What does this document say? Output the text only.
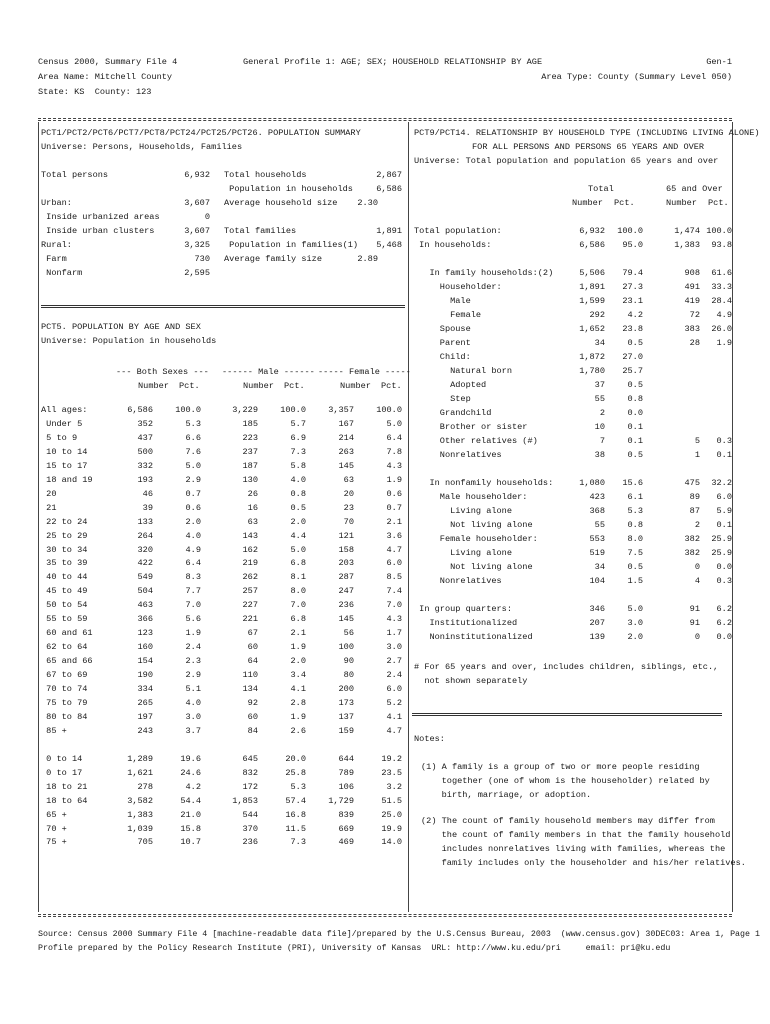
Census 2000, Summary File 4
Area Name: Mitchell County
State: KS  County: 123
General Profile 1: AGE; SEX; HOUSEHOLD RELATIONSHIP BY AGE	Gen-1
Area Type: County (Summary Level 050)
PCT1/PCT2/PCT6/PCT7/PCT8/PCT24/PCT25/PCT26. POPULATION SUMMARY
Universe: Persons, Households, Families
Total persons	6,932
Urban:	3,607
Inside urbanized areas	0
Inside urban clusters	3,607
Rural:	3,325
Farm	730
Nonfarm	2,595
Total households	2,867
Population in households	6,586
Average household size 2.30
Total families	1,891
Population in families(1) 5,468
Average family size	2.89
PCT5. POPULATION BY AGE AND SEX
Universe: Population in households
--- Both Sexes --- ------ Male ------ ----- Female -----
Number Pct.	Number Pct.	Number Pct.
All ages:	6,586	100.0	3,229	100.0	3,357	100.0
Under 5	352	5.3	185	5.7	167	5.0
5 to 9	437	6.6	223	6.9	214	6.4
10 to 14	500	7.6	237	7.3	263	7.8
15 to 17	332	5.0	187	5.8	145	4.3
18 and 19	193	2.9	130	4.0	63	1.9
20	46	0.7	26	0.8	20	0.6
21	39	0.6	16	0.5	23	0.7
22 to 24	133	2.0	63	2.0	70	2.1
25 to 29	264	4.0	143	4.4	121	3.6
30 to 34	320	4.9	162	5.0	158	4.7
35 to 39	422	6.4	219	6.8	203	6.0
40 to 44	549	8.3	262	8.1	287	8.5
45 to 49	504	7.7	257	8.0	247	7.4
50 to 54	463	7.0	227	7.0	236	7.0
55 to 59	366	5.6	221	6.8	145	4.3
60 and 61	123	1.9	67	2.1	56	1.7
62 to 64	160	2.4	60	1.9	100	3.0
65 and 66	154	2.3	64	2.0	90	2.7
67 to 69	190	2.9	110	3.4	80	2.4
70 to 74	334	5.1	134	4.1	200	6.0
75 to 79	265	4.0	92	2.8	173	5.2
80 to 84	197	3.0	60	1.9	137	4.1
85 +	243	3.7	84	2.6	159	4.7
0 to 14	1,289	19.6	645	20.0	644	19.2
0 to 17	1,621	24.6	832	25.8	789	23.5
18 to 21	278	4.2	172	5.3	106	3.2
18 to 64	3,582	54.4	1,853	57.4	1,729	51.5
65 +	1,383	21.0	544	16.8	839	25.0
70 +	1,039	15.8	370	11.5	669	19.9
75 +	705	10.7	236	7.3	469	14.0
PCT9/PCT14. RELATIONSHIP BY HOUSEHOLD TYPE (INCLUDING LIVING ALONE)
FOR ALL PERSONS AND PERSONS 65 YEARS AND OVER
Universe: Total population and population 65 years and over
Total	65 and Over
Number Pct.	Number Pct.
Total population:	6,932 100.0	1,474 100.0
In households:	6,586 95.0	1,383 93.8
In family households:(2)	5,506 79.4	908 61.6
Householder:	1,891 27.3	491 33.3
Male	1,599 23.1	419 28.4
Female	292	4.2	72 4.9
Spouse	1,652 23.8	383 26.0
Parent	34	0.5	28 1.9
Child:	1,872 27.0
Natural born	1,780 25.7
Adopted	37	0.5
Step	55	0.8
Grandchild	2	0.0
Brother or sister	10	0.1
Other relatives (#)	7	0.1	5 0.3
Nonrelatives	38	0.5	1 0.1
In nonfamily households:	1,080 15.6	475 32.2
Male householder:	423	6.1	89 6.0
Living alone	368	5.3	87 5.9
Not living alone	55	0.8	2 0.1
Female householder:	553	8.0	382 25.9
Living alone	519	7.5	382 25.9
Not living alone	34	0.5	0 0.0
Nonrelatives	104	1.5	4 0.3
In group quarters:	346	5.0	91 6.2
Institutionalized	207	3.0	91 6.2
Noninstitutionalized	139	2.0	0 0.0
# For 65 years and over, includes children, siblings, etc.,
not shown separately
Notes:
(1) A family is a group of two or more people residing
together (one of whom is the householder) related by
birth, marriage, or adoption.
(2) The count of family household members may differ from
the count of family members in that the family household
includes nonrelatives living with families, whereas the
family includes only the householder and his/her relatives.
Source: Census 2000 Summary File 4 [machine-readable data file]/prepared by the U.S.Census Bureau, 2003  (www.census.gov) 30DEC03: Area 1, Page 1
Profile prepared by the Policy Research Institute (PRI), University of Kansas  URL: http://www.ku.edu/pri     email: pri@ku.edu
